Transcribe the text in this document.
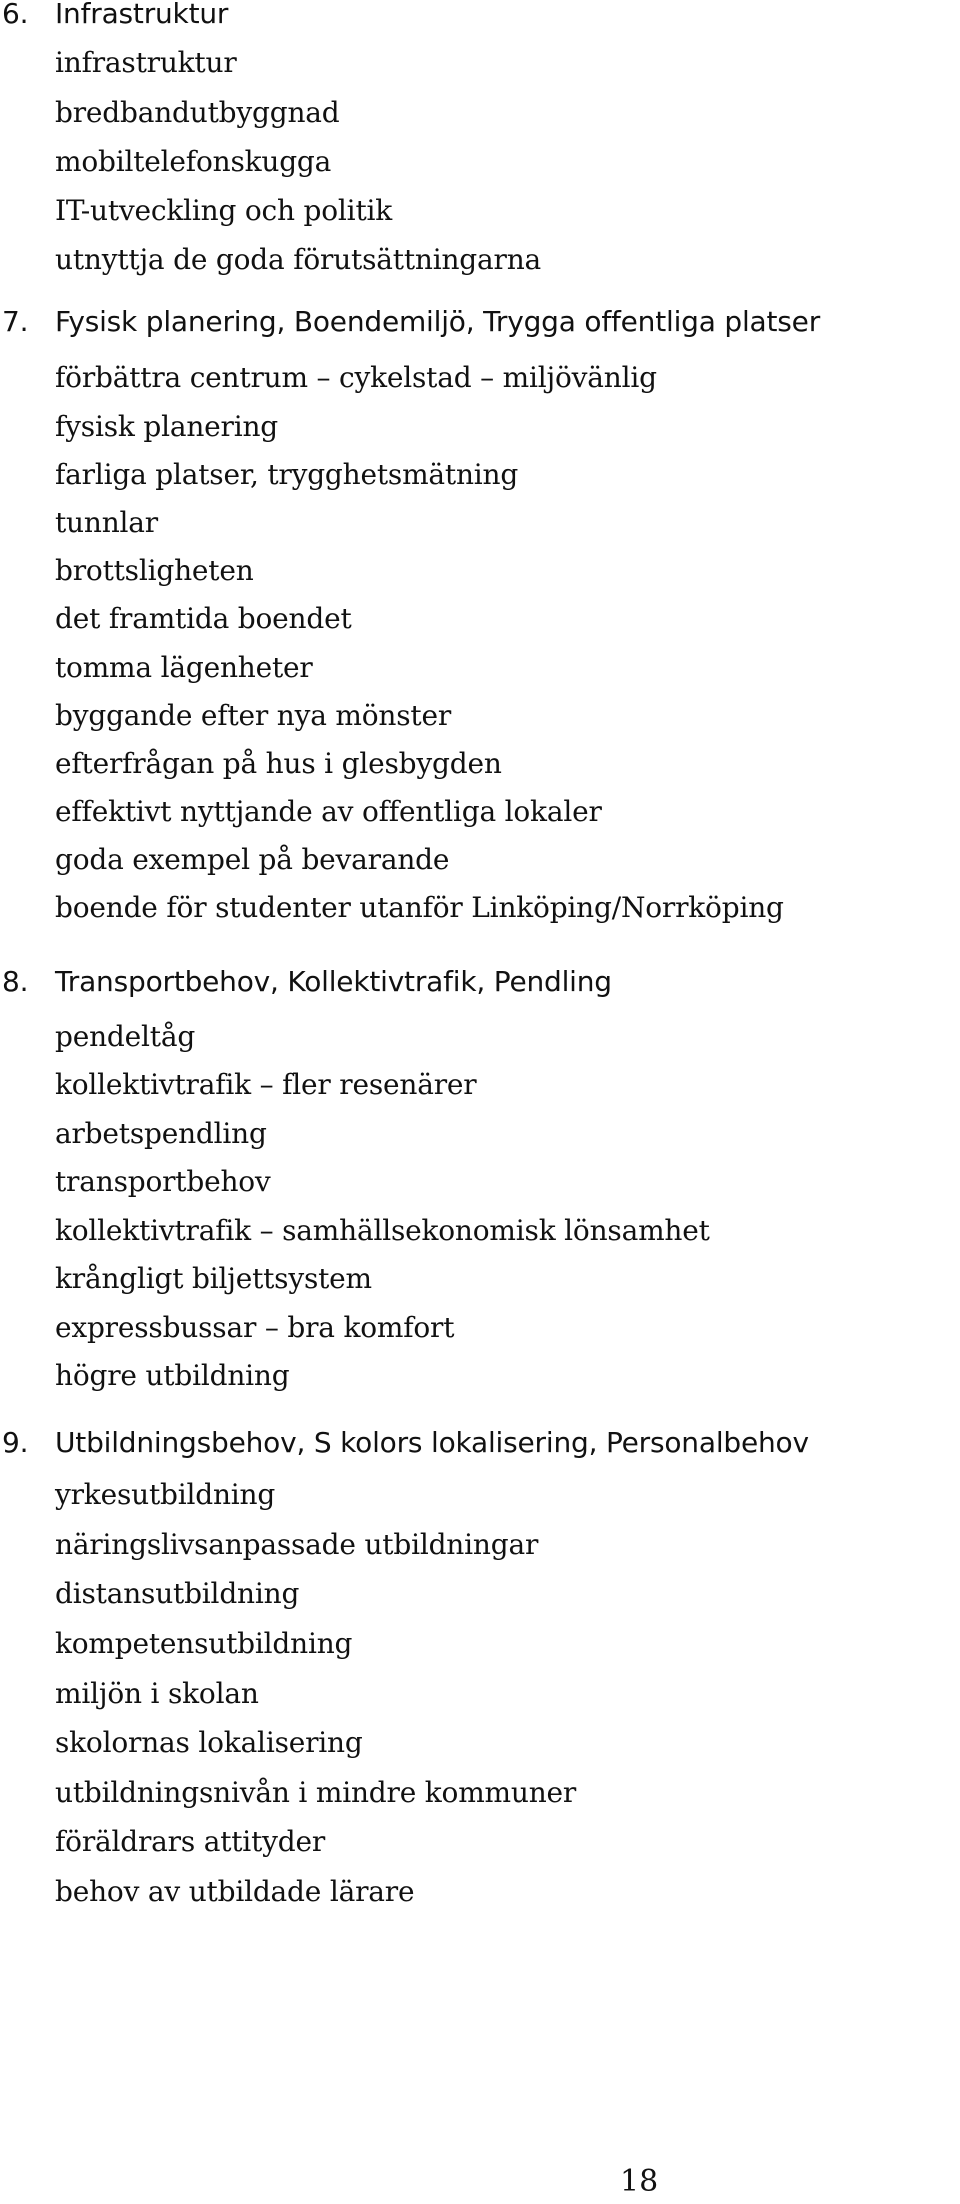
6. Infrastruktur
infrastruktur
bredbandutbyggnad
mobiltelefonskugga
IT-utveckling och politik
utnyttja de goda förutsättningarna
7. Fysisk planering, Boendemiljö, Trygga offentliga platser
förbättra centrum – cykelstad – miljövänlig
fysisk planering
farliga platser, trygghetsmätning
tunnlar
brottsligheten
det framtida boendet
tomma lägenheter
byggande efter nya mönster
efterfrågan på hus i glesbygden
effektivt nyttjande av offentliga lokaler
goda exempel på bevarande
boende för studenter utanför Linköping/Norrköping
8. Transportbehov, Kollektivtrafik, Pendling
pendeltåg
kollektivtrafik – fler resenärer
arbetspendling
transportbehov
kollektivtrafik – samhällsekonomisk lönsamhet
krångligt biljettsystem
expressbussar – bra komfort
högre utbildning
9. Utbildningsbehov, S kolors lokalisering, Personalbehov
yrkesutbildning
näringslivsanpassade utbildningar
distansutbildning
kompetensutbildning
miljön i skolan
skolornas lokalisering
utbildningsnivån i mindre kommuner
föräldrars attityder
behov av utbildade lärare
18
